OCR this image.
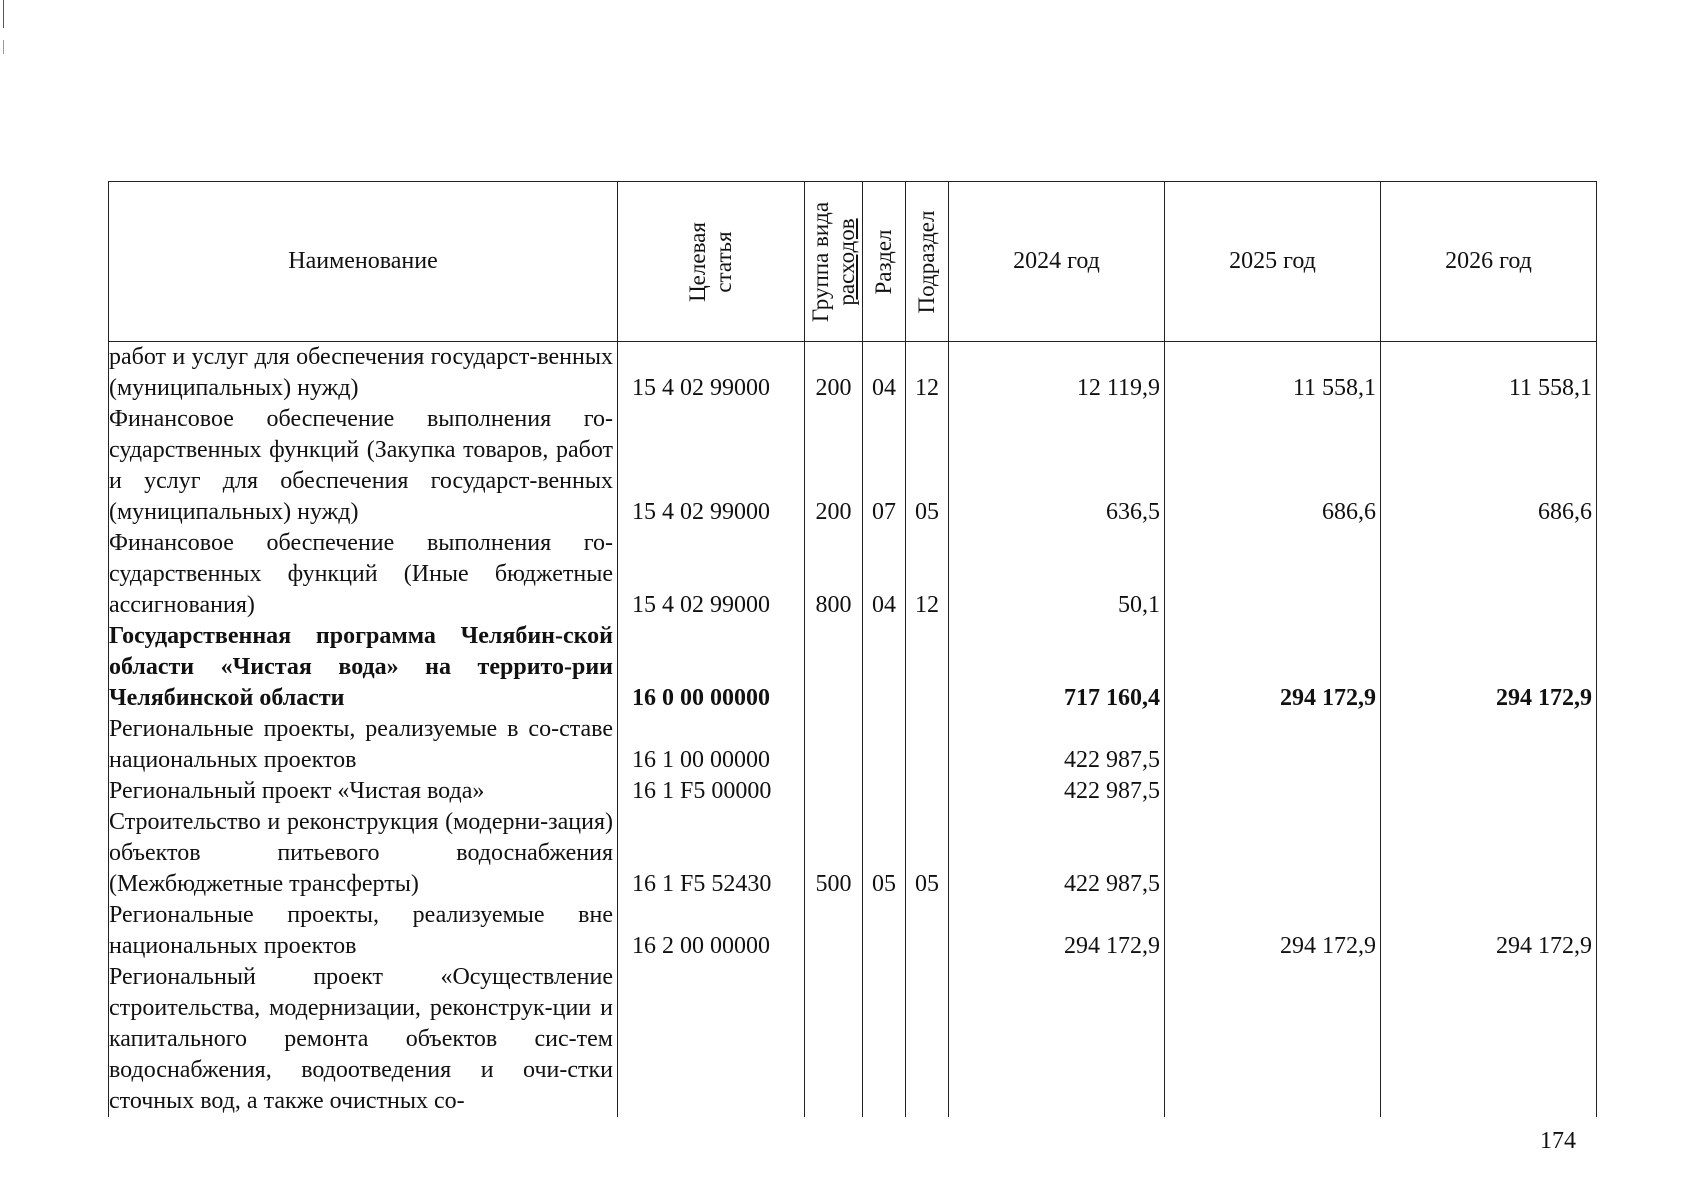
Наименование	Целевая статья	Группа вида расходов	Раздел	Подраздел	2024 год	2025 год	2026 год
работ и услуг для обеспечения государст-венных (муниципальных) нужд)	15 4 02 99000	200	04	12	12 119,9	11 558,1	11 558,1
Финансовое обеспечение выполнения го-сударственных функций (Закупка товаров, работ и услуг для обеспечения государст-венных (муниципальных) нужд)	15 4 02 99000	200	07	05	636,5	686,6	686,6
Финансовое обеспечение выполнения го-сударственных функций (Иные бюджетные ассигнования)	15 4 02 99000	800	04	12	50,1		
Государственная программа Челябин-ской области «Чистая вода» на террито-рии Челябинской области	16 0 00 00000				717 160,4	294 172,9	294 172,9
Региональные проекты, реализуемые в со-ставе национальных проектов	16 1 00 00000				422 987,5		
Региональный проект «Чистая вода»	16 1 F5 00000				422 987,5		
Строительство и реконструкция (модерни-зация) объектов питьевого водоснабжения (Межбюджетные трансферты)	16 1 F5 52430	500	05	05	422 987,5		
Региональные проекты, реализуемые вне национальных проектов	16 2 00 00000				294 172,9	294 172,9	294 172,9
Региональный проект «Осуществление строительства, модернизации, реконструк-ции и капитального ремонта объектов сис-тем водоснабжения, водоотведения и очи-стки сточных вод, а также очистных со-							
174
